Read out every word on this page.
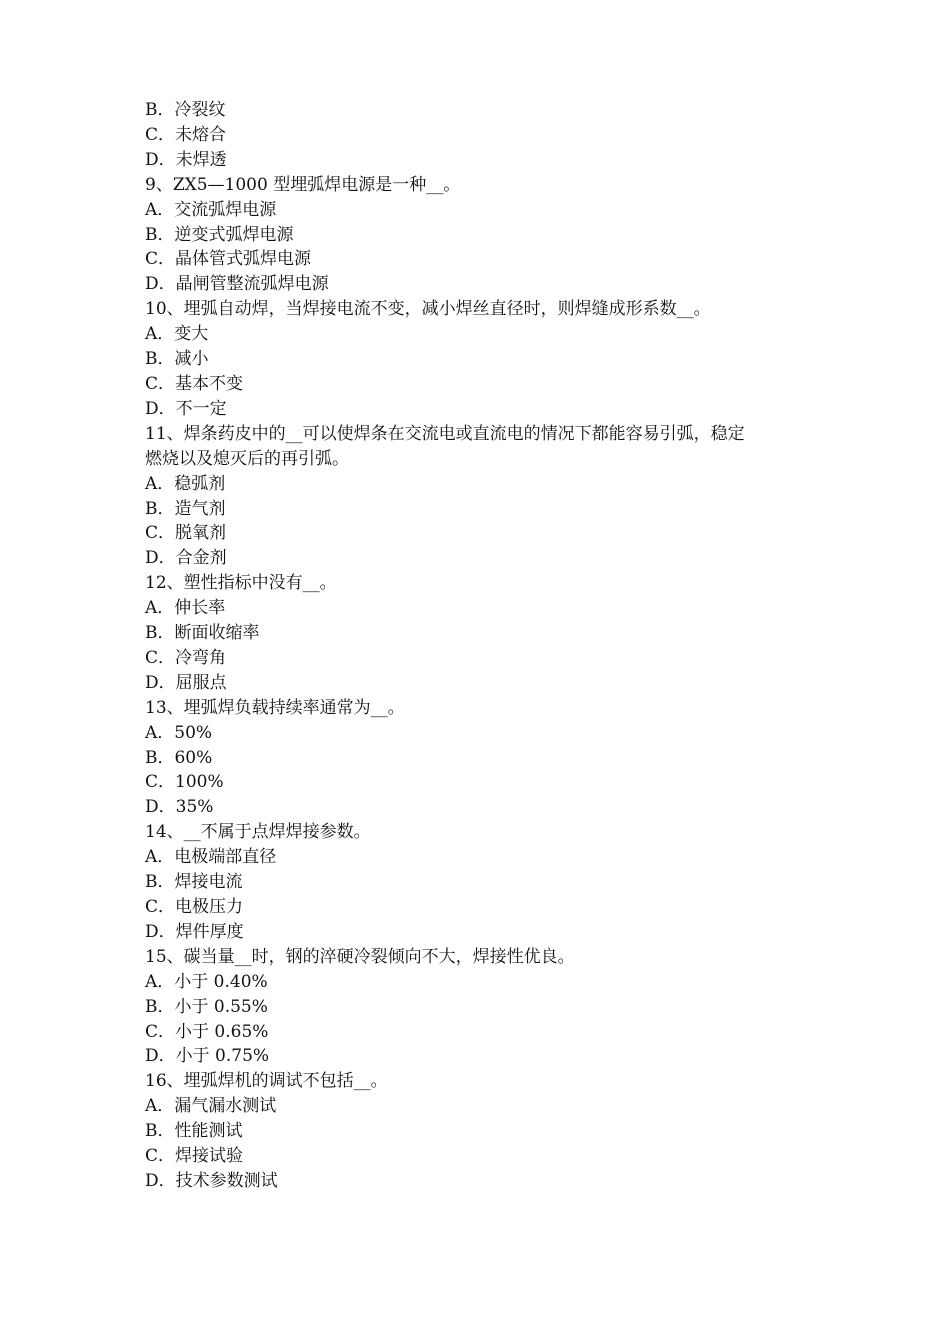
B．冷裂纹

C．未熔合

D．未焊透

9、ZX5—1000 型埋弧焊电源是一种__。

A．交流弧焊电源

B．逆变式弧焊电源

C．晶体管式弧焊电源

D．晶闸管整流弧焊电源

10、埋弧自动焊，当焊接电流不变，减小焊丝直径时，则焊缝成形系数__。

A．变大

B．减小

C．基本不变

D．不一定

11、焊条药皮中的__可以使焊条在交流电或直流电的情况下都能容易引弧，稳定

燃烧以及熄灭后的再引弧。

A．稳弧剂

B．造气剂

C．脱氧剂

D．合金剂

12、塑性指标中没有__。

A．伸长率

B．断面收缩率

C．冷弯角

D．屈服点

13、埋弧焊负载持续率通常为__。

A．50%

B．60%

C．100%

D．35%

14、__不属于点焊焊接参数。

A．电极端部直径

B．焊接电流

C．电极压力

D．焊件厚度

15、碳当量__时，钢的淬硬冷裂倾向不大，焊接性优良。

A．小于 0.40%

B．小于 0.55%

C．小于 0.65%

D．小于 0.75%

16、埋弧焊机的调试不包括__。

A．漏气漏水测试

B．性能测试

C．焊接试验

D．技术参数测试
